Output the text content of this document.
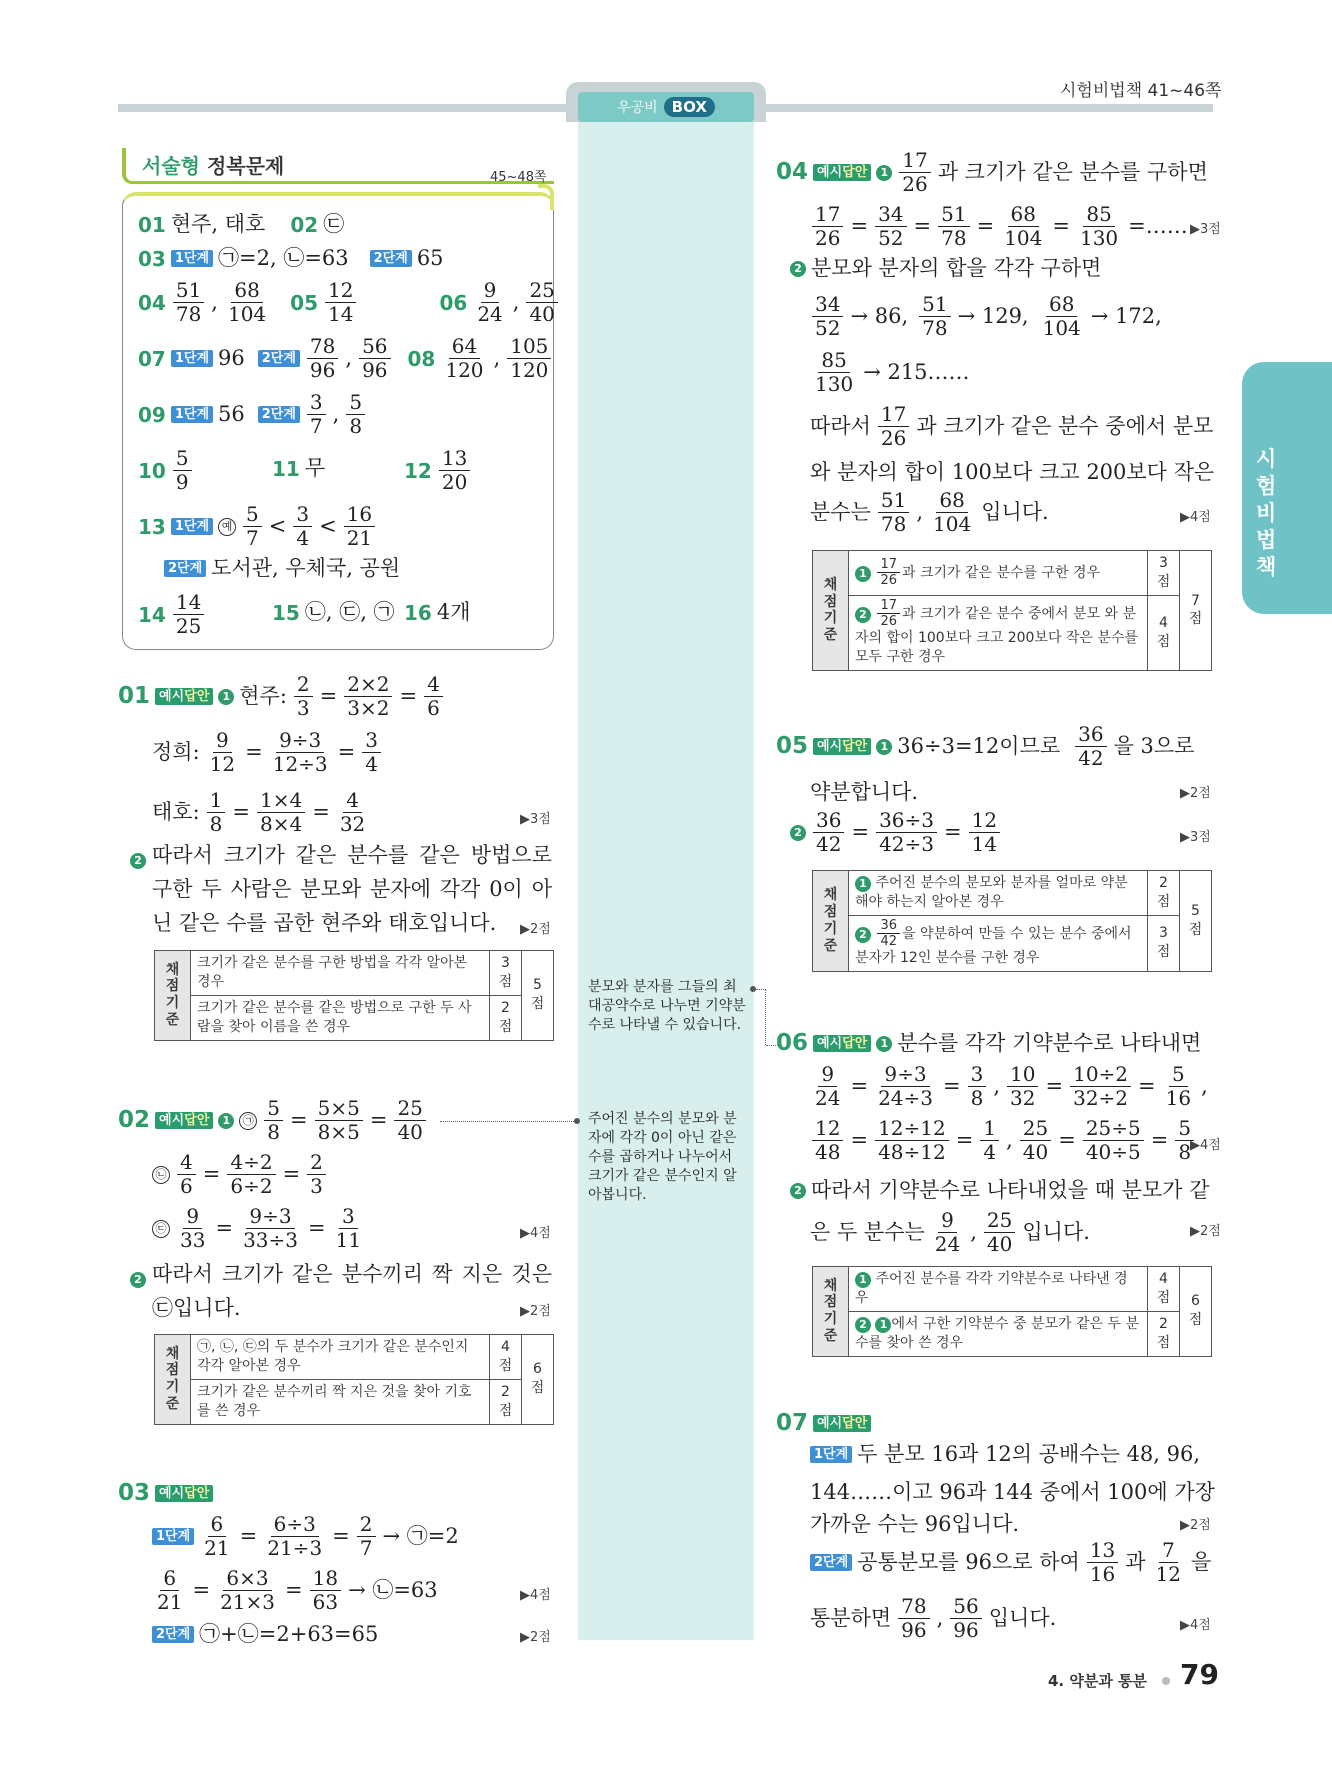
우공비 BOX
시험비법책 41~46쪽
시험비법책
서술형 정복문제	45~48쪽
01 현주, 태호 02 ㉢
03 1단계 ㉠=2, ㉡=63	2단계 65
$04 \frac{51}{78}$ , $\frac{68}{104} 05 \frac{12}{14}$	$06 \frac{9}{24}$ , $\frac{25}{40}$
07 1단계 96	2단계 $\frac{78}{96}$ , $\frac{56}{96} 08 \frac{64}{120}$ , $\frac{105}{120}$
09 1단계 56	2단계 $\frac{3}{7}$ , $\frac{5}{8}$
$10 \frac{5}{9}$	11 무	$12 \frac{13}{20}$
13 1단계	예 $\frac{5}{7} < \frac{3}{4} < \frac{16}{21}$
2단계 도서관, 우체국, 공원
$14 \frac{14}{25}$	15 ㉡, ㉢, ㉠ 16 4개
01 예시답안	1 현주: $\frac{2}{3} = \frac{2\times 2}{3\times 2} = \frac{4}{6}$
정희: $\frac{9}{12} = \frac{9\div 3}{12\div 3} = \frac{3}{4}$
태호: $\frac{1}{8} = \frac{1\times 4}{8\times 4} = \frac{4}{32}$	▶3점
2 따라서 크기가 같은 분수를 같은 방법으로 구한 두 사람은 분모와 분자에 각각 0이 아닌 같은 수를 곱한 현주와 태호입니다.	▶2점
채점 기준	크기가 같은 분수를 구한 방법을 각각 알아본 경우	3점	5점
	크기가 같은 분수를 같은 방법으로 구한 두 사람을 찾아 이름을 쓴 경우	2점	
02 예시답안	1	㉠ $\frac{5}{8} = \frac{5\times 5}{8\times 5} = \frac{25}{40}$
㉡ $\frac{4}{6} = \frac{4\div 2}{6\div 2} = \frac{2}{3}$
㉢ $\frac{9}{33} = \frac{9\div 3}{33\div 3} = \frac{3}{11}$	▶4점
2 따라서 크기가 같은 분수끼리 짝 지은 것은 ㉢입니다.	▶2점
채점 기준	㉠, ㉡, ㉢의 두 분수가 크기가 같은 분수인지 각각 알아본 경우	4점	6점
	크기가 같은 분수끼리 짝 지은 것을 찾아 기호를 쓴 경우	2점	
03 예시답안
1단계 $\frac{6}{21} = \frac{6\div 3}{21\div 3} = \frac{2}{7}$ → ㉠=2
$\frac{6}{21} = \frac{6\times 3}{21\times 3} = \frac{18}{63}$ → ㉡=63	▶4점
2단계 ㉠+㉡=2+63=65	▶2점
분모와 분자를 그들의 최대공약수로 나누면 기약분수로 나타낼 수 있습니다.
주어진 분수의 분모와 분자에 각각 0이 아닌 같은 수를 곱하거나 나누어서 크기가 같은 분수인지 알아봅니다.
04 예시답안	$1 \frac{17}{26}$ 과 크기가 같은 분수를 구하면
$\frac{17}{26} = \frac{34}{52} = \frac{51}{78} = \frac{68}{104} = \frac{85}{130}$ =…… ▶3점
2 분모와 분자의 합을 각각 구하면
$\frac{34}{52} \to 86$, $\frac{51}{78} \to 129$, $\frac{68}{104} \to 172$,
$\frac{85}{130}$ → 215……
따라서 $\frac{17}{26}$ 과 크기가 같은 분수 중에서 분모
와 분자의 합이 100보다 크고 200보다 작은
분수는 $\frac{51}{78}$ , $\frac{68}{104}$ 입니다.	▶4점
채점 기준	$1 \frac{17}{26}$ 과 크기가 같은 분수를 구한 경우	3점	7점
	$2 \frac{17}{26}$ 과 크기가 같은 분수 중에서 분모 와 분자의 합이 100보다 크고 200보다 작은 분수를 모두 구한 경우	4점	
05 예시답안	1 36÷3=12이므로 $\frac{36}{42}$ 을 3으로
약분합니다.	▶2점
$2 \frac{36}{42} = \frac{36\div 3}{42\div 3} = \frac{12}{14}$	▶3점
채점 기준	1 주어진 분수의 분모와 분자를 얼마로 약분해야 하는지 알아본 경우	2점	5점
	$2 \frac{36}{42}$ 을 약분하여 만들 수 있는 분수 중에서 분자가 12인 분수를 구한 경우	3점	
06 예시답안	1 분수를 각각 기약분수로 나타내면
$\frac{9}{24} = \frac{9\div 3}{24\div 3} = \frac{3}{8}$ , $\frac{10}{32} = \frac{10\div 2}{32\div 2} = \frac{5}{16}$ ,
$\frac{12}{48} = \frac{12\div 12}{48\div 12} = \frac{1}{4}$ , $\frac{25}{40} = \frac{25\div 5}{40\div 5} = \frac{5}{8}$
▶4점
2 따라서 기약분수로 나타내었을 때 분모가 같
은 두 분수는 $\frac{9}{24}$ , $\frac{25}{40}$ 입니다.	▶2점
채점 기준	1 주어진 분수를 각각 기약분수로 나타낸 경우	4점	6점
	2 1 에서 구한 기약분수 중 분모가 같은 두 분수를 찾아 쓴 경우	2점	
07 예시답안
1단계 두 분모 16과 12의 공배수는 48, 96,
144……이고 96과 144 중에서 100에 가장
가까운 수는 96입니다.	▶2점
2단계 공통분모를 96으로 하여 $\frac{13}{16}$ 과 $\frac{7}{12}$ 을
통분하면 $\frac{78}{96}$ , $\frac{56}{96}$ 입니다.	▶4점
4. 약분과 통분 79
